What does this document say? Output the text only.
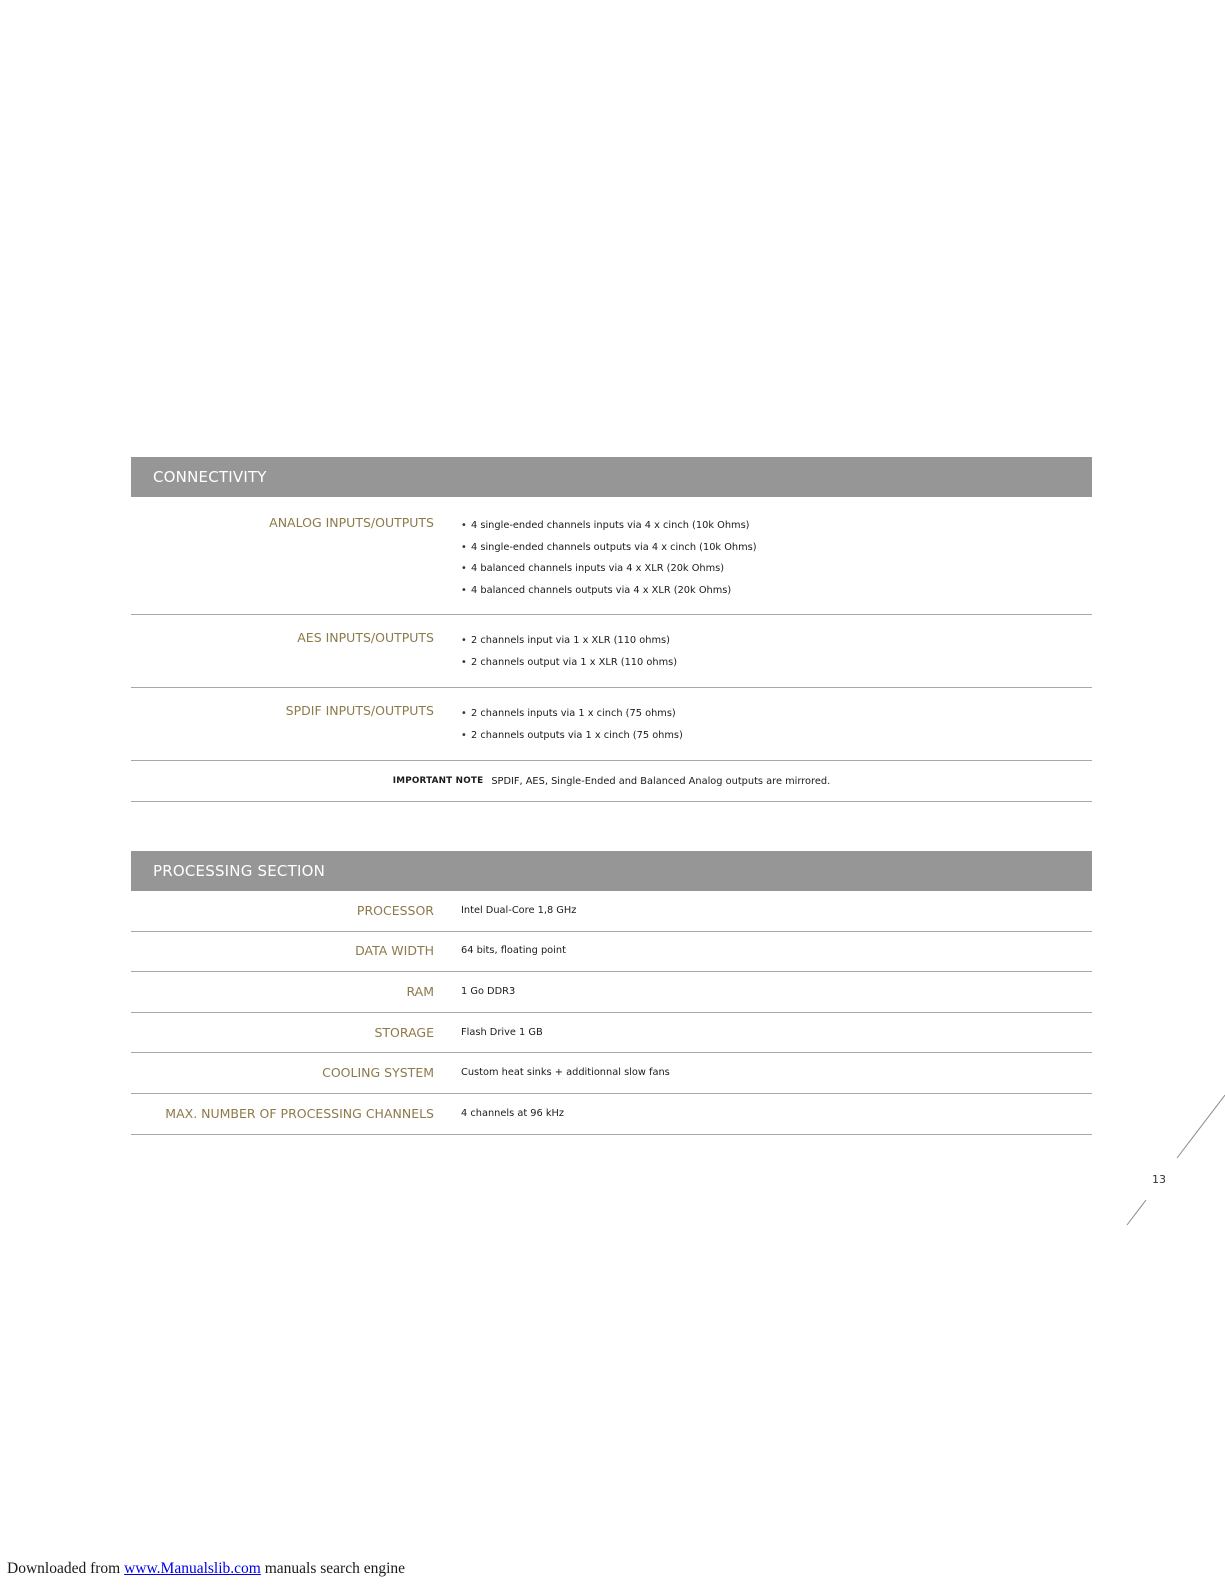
CONNECTIVITY
ANALOG INPUTS/OUTPUTS	• 4 single-ended channels inputs via 4 x cinch (10k Ohms)
• 4 single-ended channels outputs via 4 x cinch (10k Ohms)
• 4 balanced channels inputs via 4 x XLR (20k Ohms)
• 4 balanced channels outputs via 4 x XLR (20k Ohms)
AES INPUTS/OUTPUTS	• 2 channels input via 1 x XLR (110 ohms)
• 2 channels output via 1 x XLR (110 ohms)
SPDIF INPUTS/OUTPUTS	• 2 channels inputs via 1 x cinch (75 ohms)
• 2 channels outputs via 1 x cinch (75 ohms)
IMPORTANT NOTE SPDIF, AES, Single-Ended and Balanced Analog outputs are mirrored.
PROCESSING SECTION
PROCESSOR	Intel Dual-Core 1,8 GHz
DATA WIDTH	64 bits, floating point
RAM	1 Go DDR3
STORAGE	Flash Drive 1 GB
COOLING SYSTEM	Custom heat sinks + additionnal slow fans
MAX. NUMBER OF PROCESSING CHANNELS	4 channels at 96 kHz
13
Downloaded from www.Manualslib.com manuals search engine
